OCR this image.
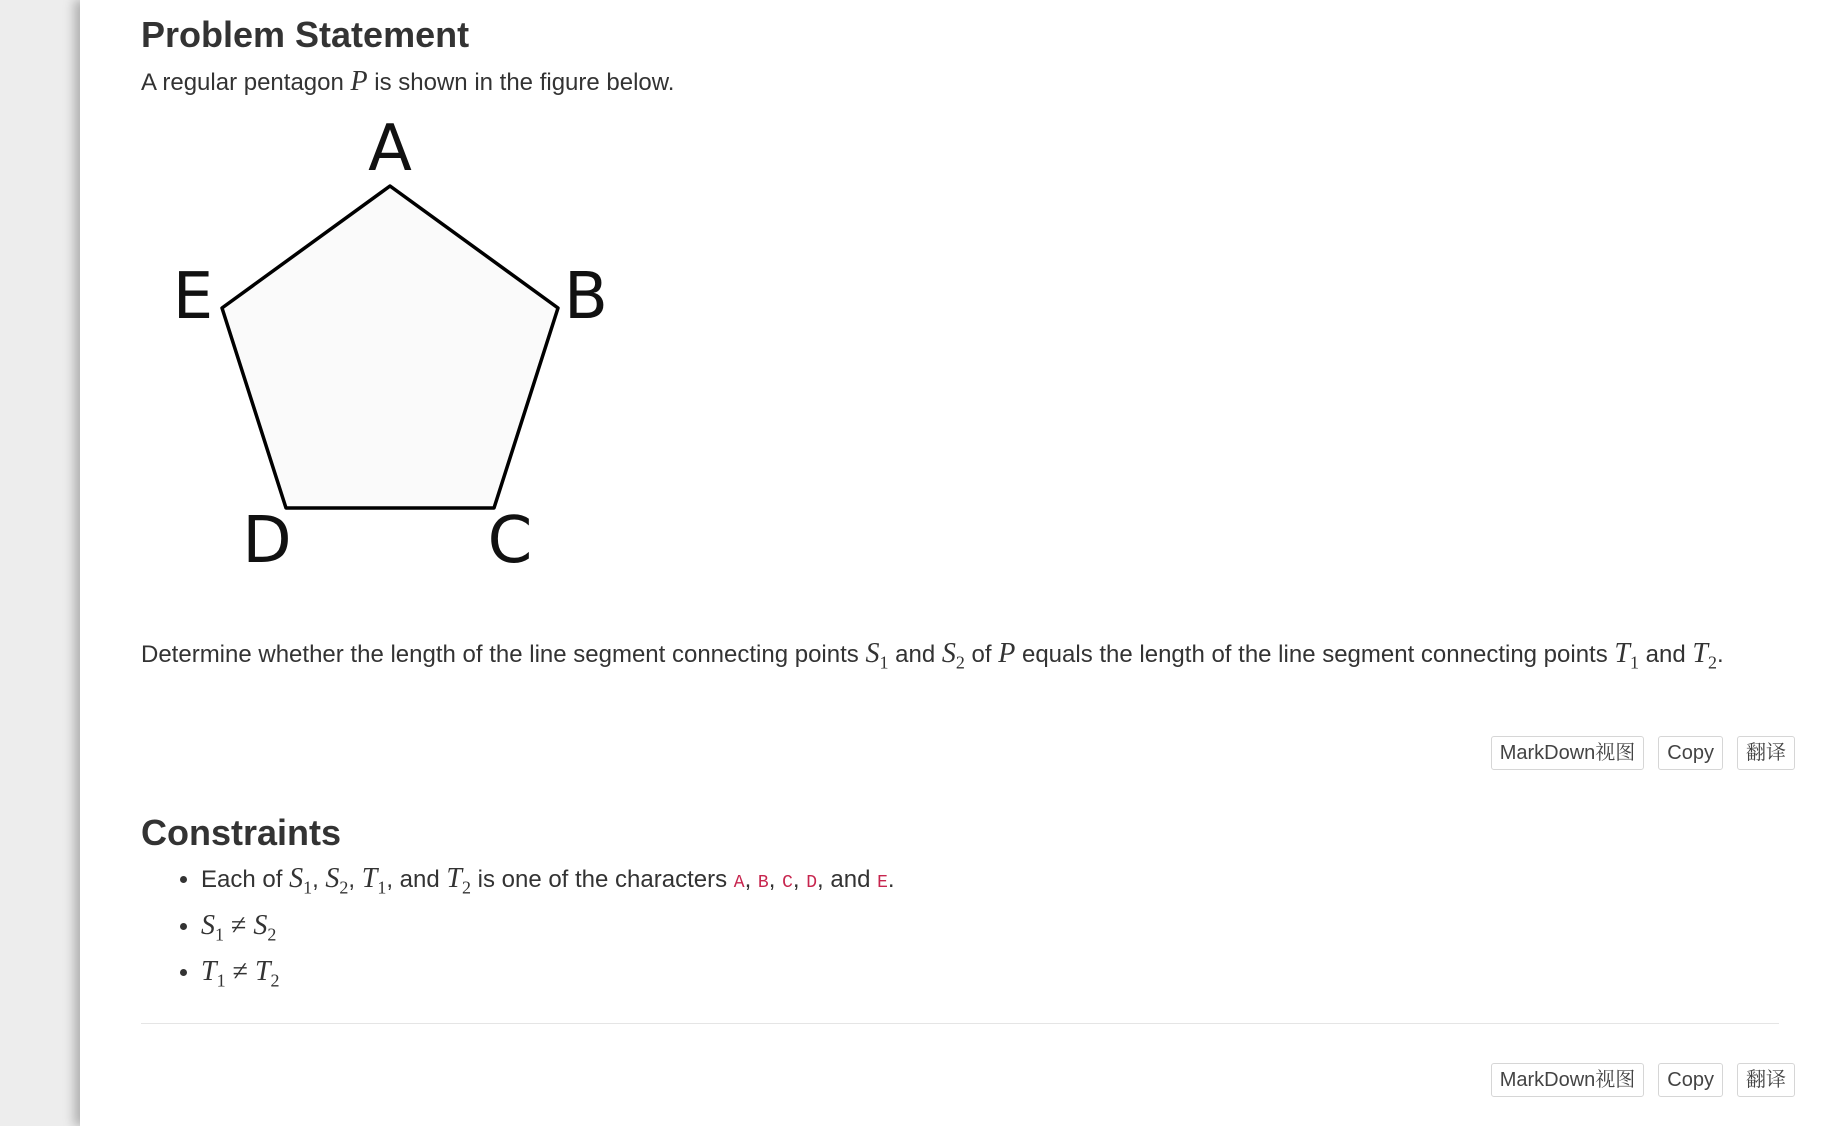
Problem Statement
A regular pentagon P is shown in the figure below.
A
B
C
D
E
Determine whether the length of the line segment connecting points $S_1$ and $S_2$ of P equals the length of the line segment connecting points $T_1$ and $T_2$.
Constraints
• Each of $S_1$, $S_2$, $T_1$, and $T_2$ is one of the characters A, B, C, D, and E.
• $S_1 \ne S_2$
• $T_1 \ne T_2$
MarkDown视图	Copy	翻译
MarkDown视图	Copy	翻译
